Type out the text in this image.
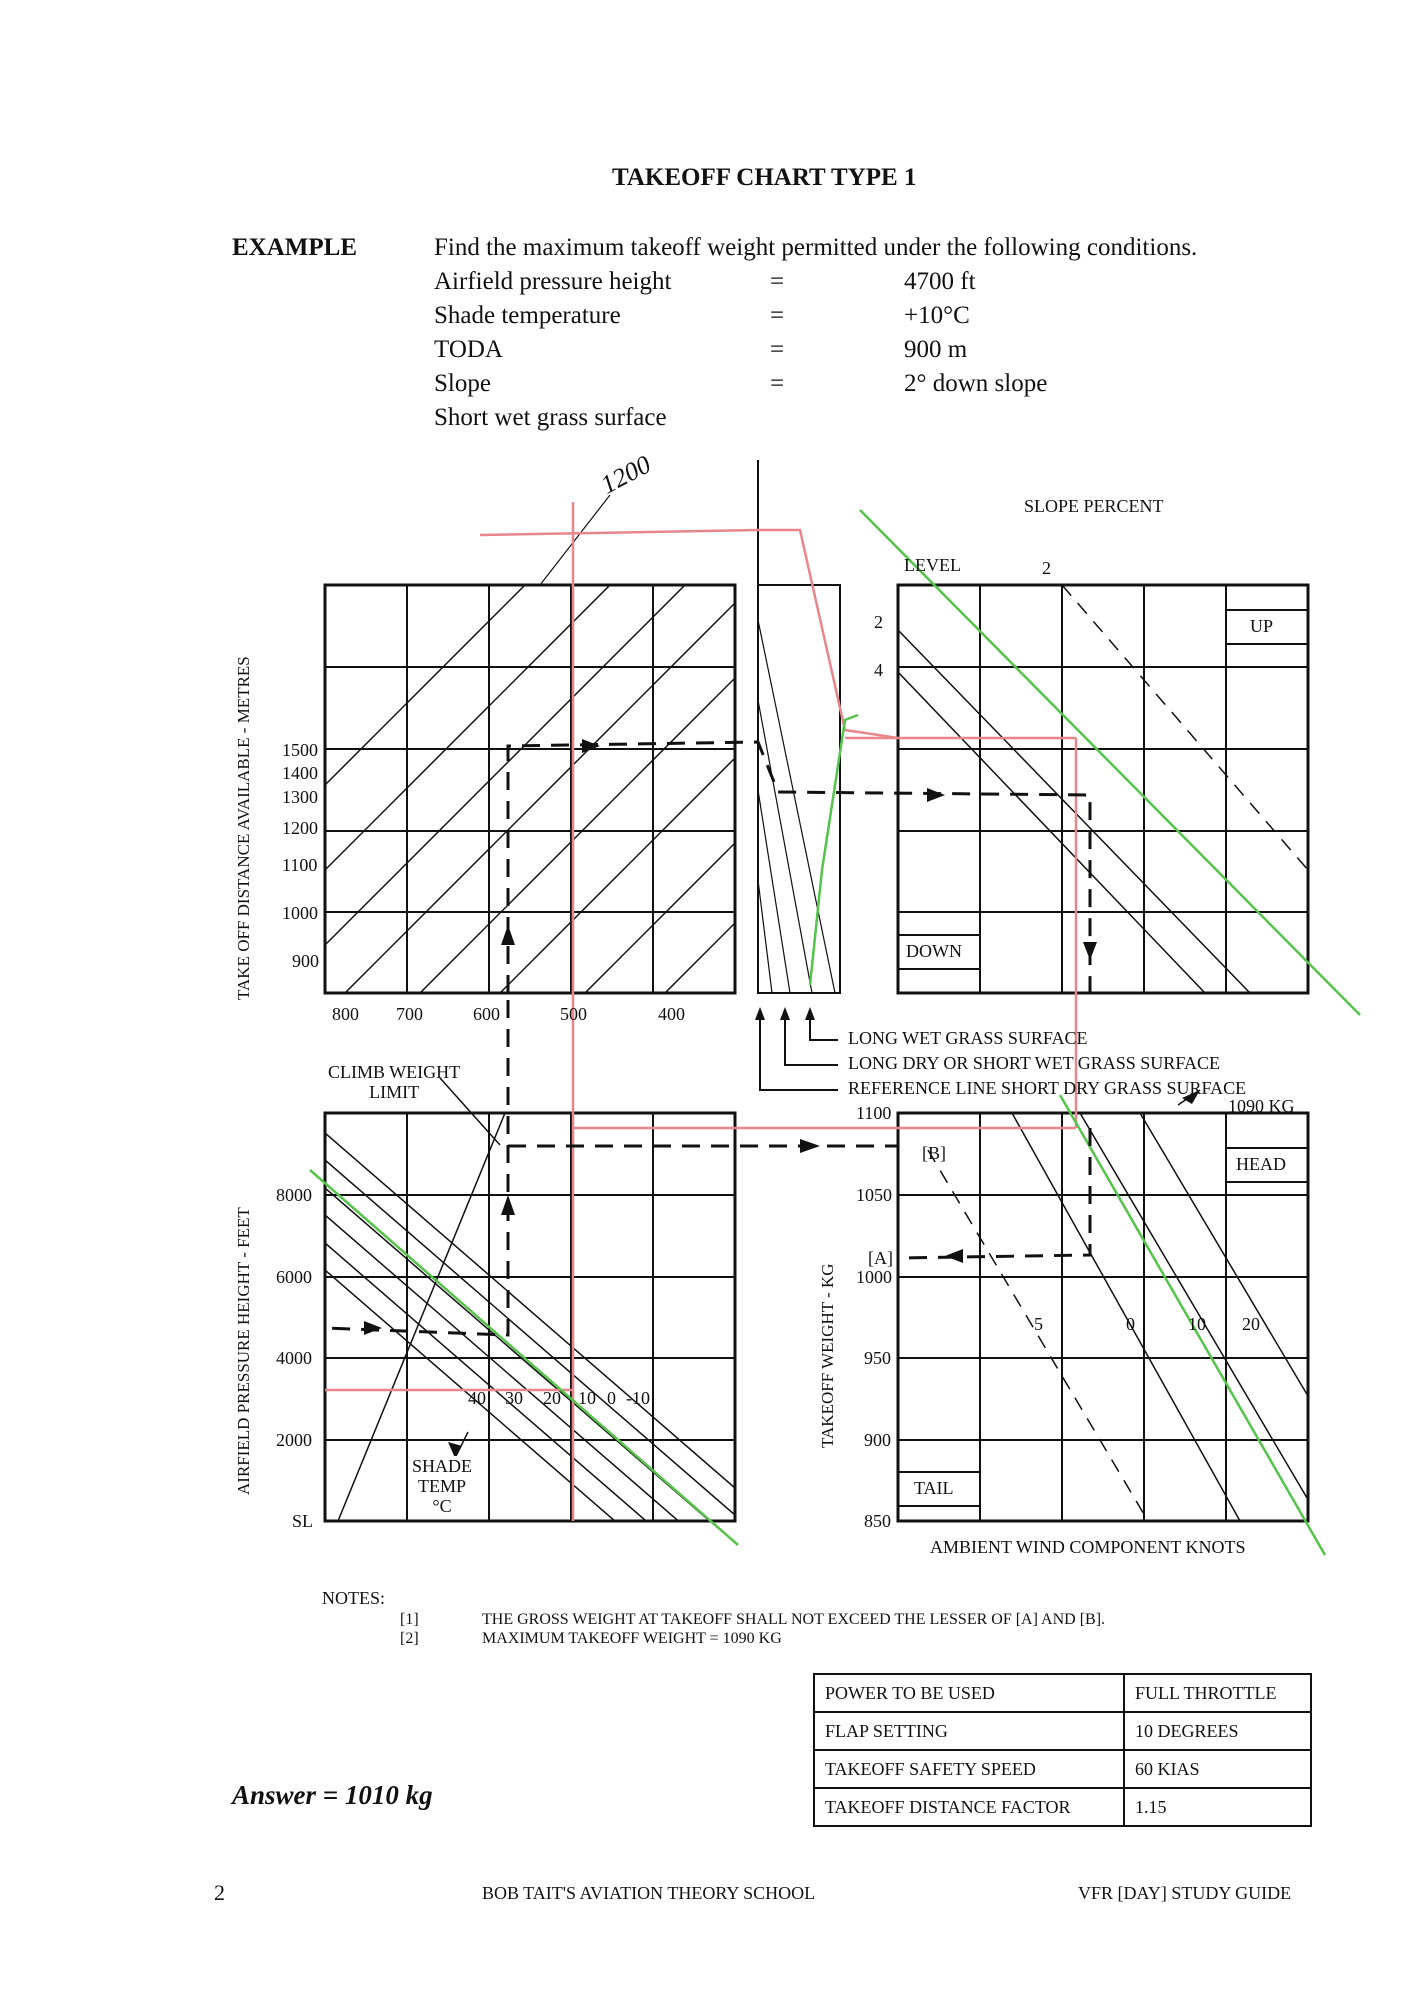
TAKEOFF CHART TYPE 1
EXAMPLE	Find the maximum takeoff weight permitted under the following conditions.
Airfield pressure height	=	4700 ft
Shade temperature	=	+10°C
TODA	=	900 m
Slope	=	2° down slope
Short wet grass surface
1200
TAKE OFF DISTANCE AVAILABLE - METRES 1500
1400
1300
1200
1100
1000
900
800 700	600	500	400
SLOPE PERCENT
LEVEL	2
2
4
UP
DOWN
LONG WET GRASS SURFACE
LONG DRY OR SHORT WET GRASS SURFACE
REFERENCE LINE SHORT DRY GRASS SURFACE
CLIMB WEIGHT
LIMIT
AIRFIELD PRESSURE HEIGHT - FEET
8000
6000
4000
2000
SL
40 30 20 10 0 -10
SHADE
TEMP
°C
TAKEOFF WEIGHT - KG
1100
1050
1000
950
900
850
[A]
[B]
1090 KG
HEAD
TAIL
5	0	10 20
AMBIENT WIND COMPONENT KNOTS
NOTES:
[1]	THE GROSS WEIGHT AT TAKEOFF SHALL NOT EXCEED THE LESSER OF [A] AND [B].
[2]	MAXIMUM TAKEOFF WEIGHT = 1090 KG
POWER TO BE USED	FULL THROTTLE
FLAP SETTING	10 DEGREES
TAKEOFF SAFETY SPEED	60 KIAS
TAKEOFF DISTANCE FACTOR	1.15
Answer = 1010 kg
2	BOB TAIT'S AVIATION THEORY SCHOOL	VFR [DAY] STUDY GUIDE
